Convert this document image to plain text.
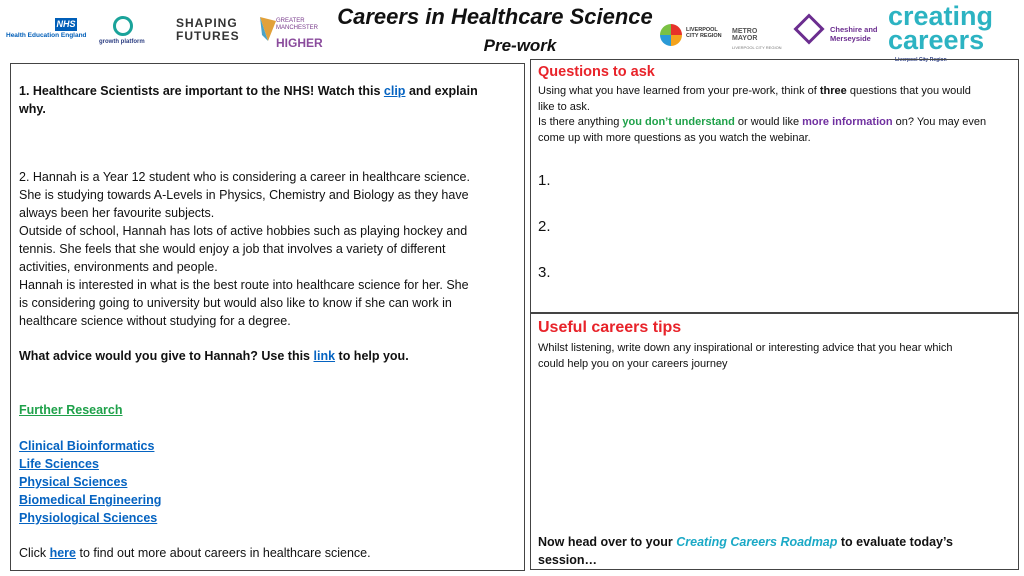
Careers in Healthcare Science
Pre-work
NHS
Health Education England
growth platform
SHAPING FUTURES
GREATER MANCHESTER
HIGHER
LIVERPOOL CITY REGION
METRO MAYOR
LIVERPOOL CITY REGION
Cheshire and Merseyside
creating
careers
Liverpool City Region
1. Healthcare Scientists are important to the NHS! Watch this clip and explain
why.
2. Hannah is a Year 12 student who is considering a career in healthcare science.
She is studying towards A-Levels in Physics, Chemistry and Biology as they have
always been her favourite subjects.
Outside of school, Hannah has lots of active hobbies such as playing hockey and
tennis. She feels that she would enjoy a job that involves a variety of different
activities, environments and people.
Hannah is interested in what is the best route into healthcare science for her. She
is considering going to university but would also like to know if she can work in
healthcare science without studying for a degree.
What advice would you give to Hannah? Use this link to help you.
Further Research
Clinical Bioinformatics
Life Sciences
Physical Sciences
Biomedical Engineering
Physiological Sciences
Click here to find out more about careers in healthcare science.
Questions to ask
Using what you have learned from your pre-work, think of three questions that you would
like to ask.
Is there anything you don’t understand or would like more information on? You may even
come up with more questions as you watch the webinar.
1.
2.
3.
Useful careers tips
Whilst listening, write down any inspirational or interesting advice that you hear which
could help you on your careers journey
Now head over to your Creating Careers Roadmap to evaluate today’s
session…
